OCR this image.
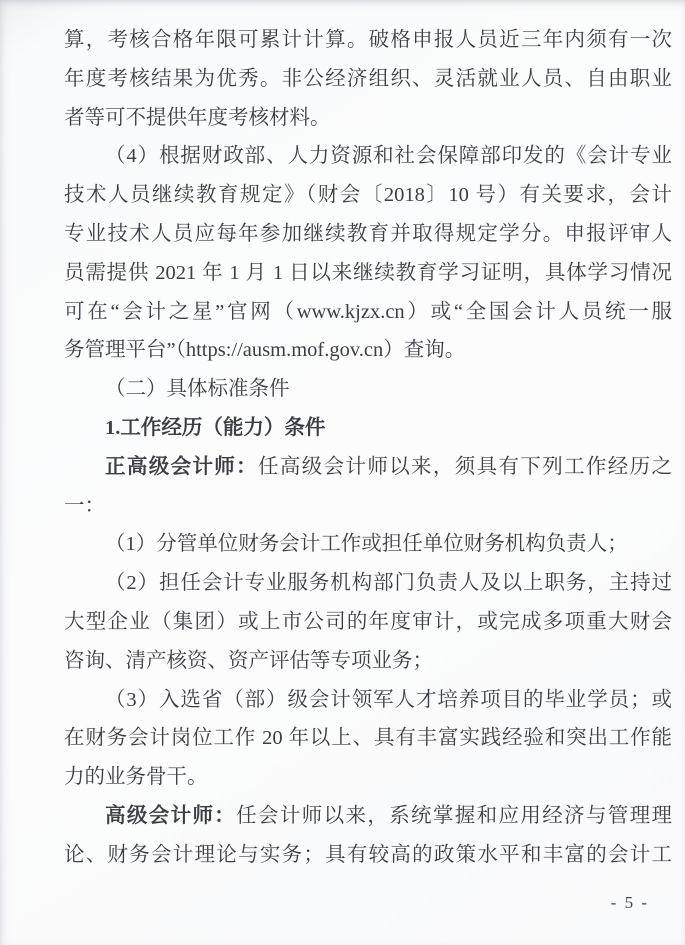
算，考核合格年限可累计计算。破格申报人员近三年内须有一次
年度考核结果为优秀。非公经济组织、灵活就业人员、自由职业
者等可不提供年度考核材料。
（4）根据财政部、人力资源和社会保障部印发的《会计专业
技术人员继续教育规定》（财会〔2018〕10 号）有关要求，会计
专业技术人员应每年参加继续教育并取得规定学分。申报评审人
员需提供 2021 年 1 月 1 日以来继续教育学习证明，具体学习情况
可在“会计之星”官网（www.kjzx.cn）或“全国会计人员统一服
务管理平台”（https://ausm.mof.gov.cn）查询。
（二）具体标准条件
1.工作经历（能力）条件
正高级会计师：任高级会计师以来，须具有下列工作经历之
一：
（1）分管单位财务会计工作或担任单位财务机构负责人；
（2）担任会计专业服务机构部门负责人及以上职务，主持过
大型企业（集团）或上市公司的年度审计，或完成多项重大财会
咨询、清产核资、资产评估等专项业务；
（3）入选省（部）级会计领军人才培养项目的毕业学员；或
在财务会计岗位工作 20 年以上、具有丰富实践经验和突出工作能
力的业务骨干。
高级会计师：任会计师以来，系统掌握和应用经济与管理理
论、财务会计理论与实务；具有较高的政策水平和丰富的会计工
- 5 -
